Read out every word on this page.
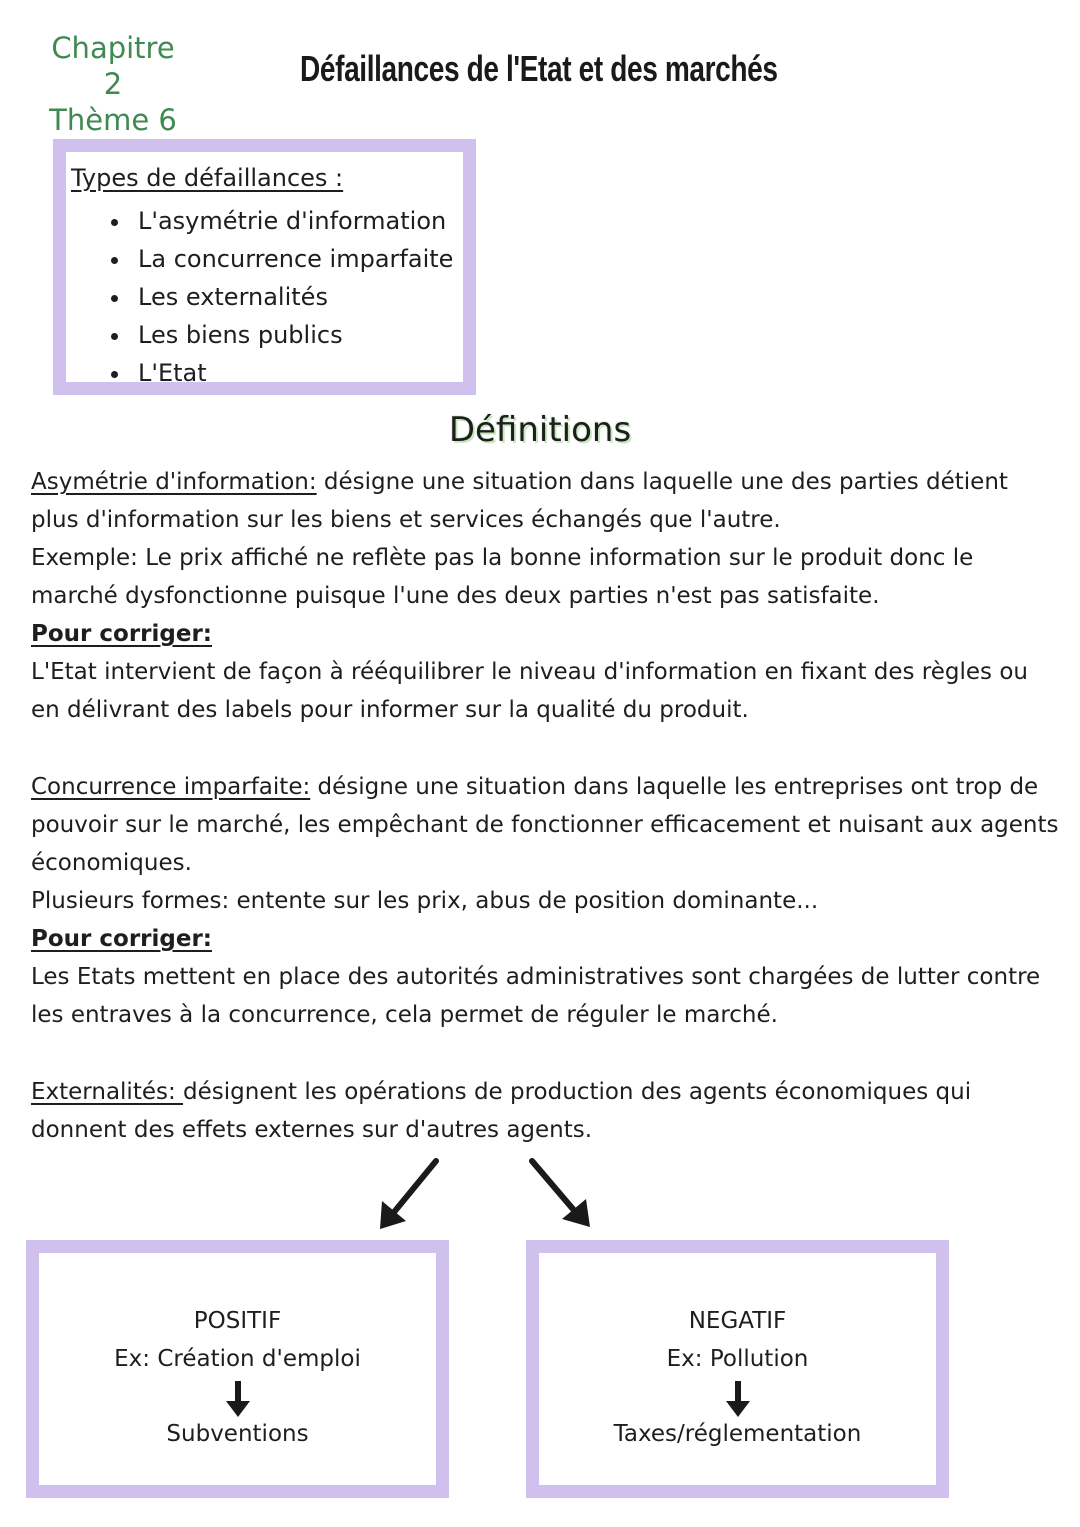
Chapitre 2
Thème 6
Défaillances de l'Etat et des marchés
Types de défaillances :
• L'asymétrie d'information
• La concurrence imparfaite
• Les externalités
• Les biens publics
• L'Etat
Définitions
Asymétrie d'information: désigne une situation dans laquelle une des parties détient plus d'information sur les biens et services échangés que l'autre.
Exemple: Le prix affiché ne reflète pas la bonne information sur le produit donc le marché dysfonctionne puisque l'une des deux parties n'est pas satisfaite.
Pour corriger:
L'Etat intervient de façon à rééquilibrer le niveau d'information en fixant des règles ou en délivrant des labels pour informer sur la qualité du produit.
Concurrence imparfaite: désigne une situation dans laquelle les entreprises ont trop de pouvoir sur le marché, les empêchant de fonctionner efficacement et nuisant aux agents économiques.
Plusieurs formes: entente sur les prix, abus de position dominante...
Pour corriger:
Les Etats mettent en place des autorités administratives sont chargées de lutter contre les entraves à la concurrence, cela permet de réguler le marché.
Externalités: désignent les opérations de production des agents économiques qui donnent des effets externes sur d'autres agents.
POSITIF
Ex: Création d'emploi
Subventions
NEGATIF
Ex: Pollution
Taxes/réglementation
